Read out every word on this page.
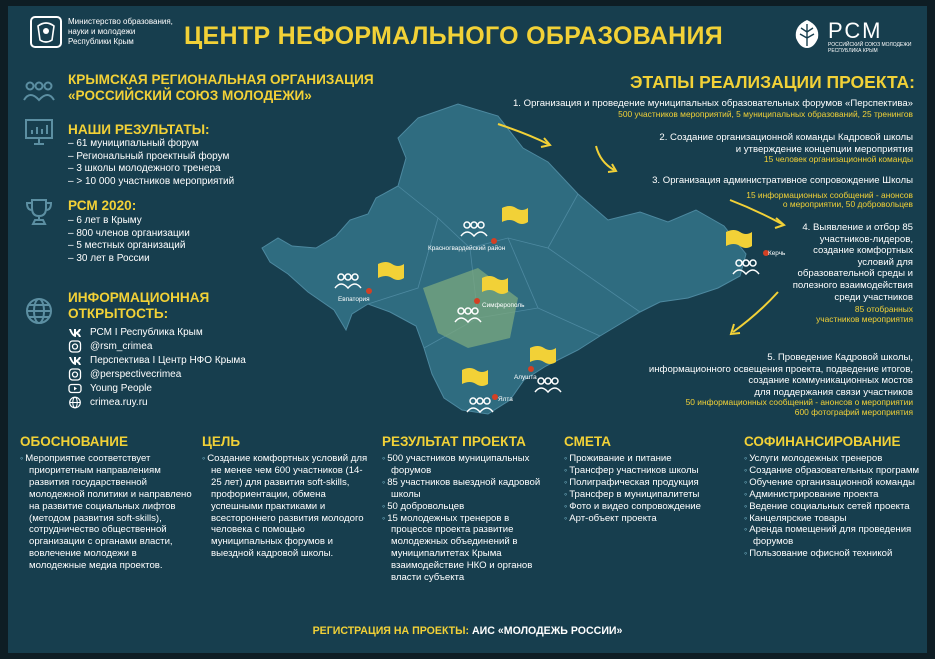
Красногвардейский район
Евпатория
Симферополь
Керчь
Алушта
Ялта
Министерство образования,
науки и молодежи
Республики Крым	ЦЕНТР НЕФОРМАЛЬНОГО ОБРАЗОВАНИЯ	РСМ
РОССИЙСКИЙ СОЮЗ МОЛОДЕЖИ
РЕСПУБЛИКА КРЫМ
КРЫМСКАЯ РЕГИОНАЛЬНАЯ ОРГАНИЗАЦИЯ
«РОССИЙСКИЙ СОЮЗ МОЛОДЕЖИ»
НАШИ РЕЗУЛЬТАТЫ:
– 61 муниципальный форум
– Региональный проектный форум
– 3 школы молодежного тренера
– > 10 000 участников мероприятий
РСМ 2020:
– 6 лет в Крыму
– 800 членов организации
– 5 местных организаций
– 30 лет в России
ИНФОРМАЦИОННАЯ
ОТКРЫТОСТЬ:
РСМ I Республика Крым
@rsm_crimea
Перспектива I Центр НФО Крыма
@perspectivecrimea
Young People
crimea.ruy.ru
ЭТАПЫ РЕАЛИЗАЦИИ ПРОЕКТА:
1. Организация и проведение муниципальных образовательных форумов «Перспектива»
500 участников мероприятий, 5 муниципальных образований, 25 тренингов
2. Создание организационной команды Кадровой школы
и утверждение концепции мероприятия
15 человек организационной команды
3. Организация административное сопровождение Школы
15 информационных сообщений - анонсов
о мероприятии, 50 добровольцев
4. Выявление и отбор 85
участников-лидеров,
создание комфортных
условий для
образовательной среды и
полезного взаимодействия
среди участников
85 отобранных
участников мероприятия
5. Проведение Кадровой школы,
информационного освещения проекта, подведение итогов,
создание коммуникационных мостов
для поддержания связи участников
50 информационных сообщений - анонсов о мероприятии
600 фотографий мероприятия
ОБОСНОВАНИЕ
◦ Мероприятие соответствует приоритетным направлениям развития государственной молодежной политики и направлено на развитие социальных лифтов (методом развития soft-skills), сотрудничество общественной организации с органами власти, вовлечение молодежи в молодежные медиа проектов.
ЦЕЛЬ
◦ Создание комфортных условий для не менее чем 600 участников (14-25 лет) для развития soft-skills, профориентации, обмена успешными практиками и всестороннего развития молодого человека с помощью муниципальных форумов и выездной кадровой школы.
РЕЗУЛЬТАТ ПРОЕКТА
◦ 500 участников муниципальных форумов
◦ 85 участников выездной кадровой школы
◦ 50 добровольцев
◦ 15 молодежных тренеров в процессе проекта развитие молодежных объединений в муниципалитетах Крыма взаимодействие НКО и органов власти субъекта
СМЕТА
◦ Проживание и питание
◦ Трансфер участников школы
◦ Полиграфическая продукция
◦ Трансфер в муниципалитеты
◦ Фото и видео сопровождение
◦ Арт-объект проекта
СОФИНАНСИРОВАНИЕ
◦ Услуги молодежных тренеров
◦ Создание образовательных программ
◦ Обучение организационной команды
◦ Администрирование проекта
◦ Ведение социальных сетей проекта
◦ Канцелярские товары
◦ Аренда помещений для проведения форумов
◦ Пользование офисной техникой
РЕГИСТРАЦИЯ НА ПРОЕКТЫ: АИС «МОЛОДЕЖЬ РОССИИ»
